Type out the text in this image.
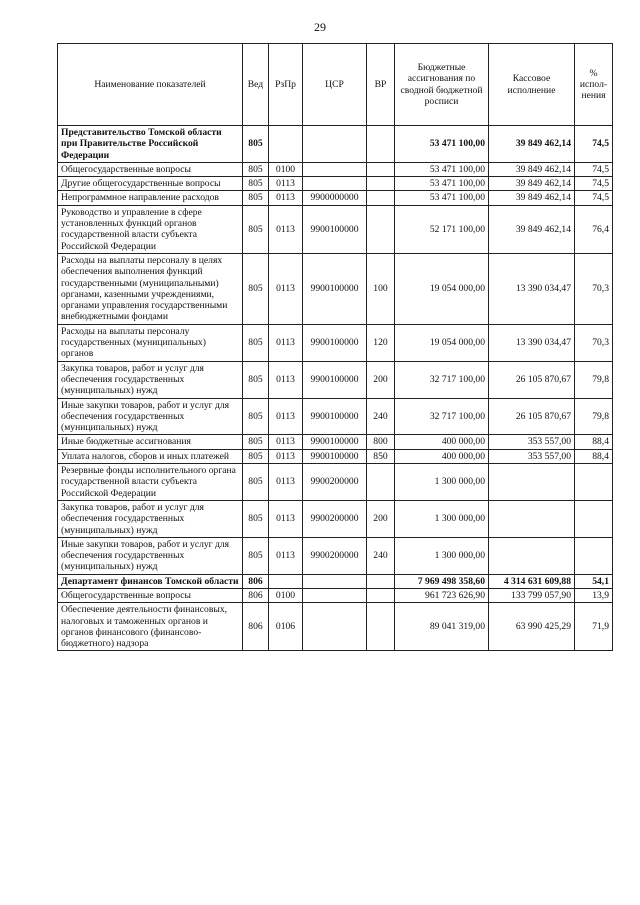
29
Наименование показателей	Вед	РзПр	ЦСР	ВР	Бюджетные ассигнования по сводной бюджетной росписи	Кассовое исполнение	% испол-нения
Представительство Томской области при Правительстве Российской Федерации	805				53 471 100,00	39 849 462,14	74,5
Общегосударственные вопросы	805	0100			53 471 100,00	39 849 462,14	74,5
Другие общегосударственные вопросы	805	0113			53 471 100,00	39 849 462,14	74,5
Непрограммное направление расходов	805	0113	9900000000		53 471 100,00	39 849 462,14	74,5
Руководство и управление в сфере установленных функций органов государственной власти субъекта Российской Федерации	805	0113	9900100000		52 171 100,00	39 849 462,14	76,4
Расходы на выплаты персоналу в целях обеспечения выполнения функций государственными (муниципальными) органами, казенными учреждениями, органами управления государственными внебюджетными фондами	805	0113	9900100000	100	19 054 000,00	13 390 034,47	70,3
Расходы на выплаты персоналу государственных (муниципальных) органов	805	0113	9900100000	120	19 054 000,00	13 390 034,47	70,3
Закупка товаров, работ и услуг для обеспечения государственных (муниципальных) нужд	805	0113	9900100000	200	32 717 100,00	26 105 870,67	79,8
Иные закупки товаров, работ и услуг для обеспечения государственных (муниципальных) нужд	805	0113	9900100000	240	32 717 100,00	26 105 870,67	79,8
Иные бюджетные ассигнования	805	0113	9900100000	800	400 000,00	353 557,00	88,4
Уплата налогов, сборов и иных платежей	805	0113	9900100000	850	400 000,00	353 557,00	88,4
Резервные фонды исполнительного органа государственной власти субъекта Российской Федерации	805	0113	9900200000		1 300 000,00		
Закупка товаров, работ и услуг для обеспечения государственных (муниципальных) нужд	805	0113	9900200000	200	1 300 000,00		
Иные закупки товаров, работ и услуг для обеспечения государственных (муниципальных) нужд	805	0113	9900200000	240	1 300 000,00		
Департамент финансов Томской области	806				7 969 498 358,60	4 314 631 609,88	54,1
Общегосударственные вопросы	806	0100			961 723 626,90	133 799 057,90	13,9
Обеспечение деятельности финансовых, налоговых и таможенных органов и органов финансового (финансово-бюджетного) надзора	806	0106			89 041 319,00	63 990 425,29	71,9
